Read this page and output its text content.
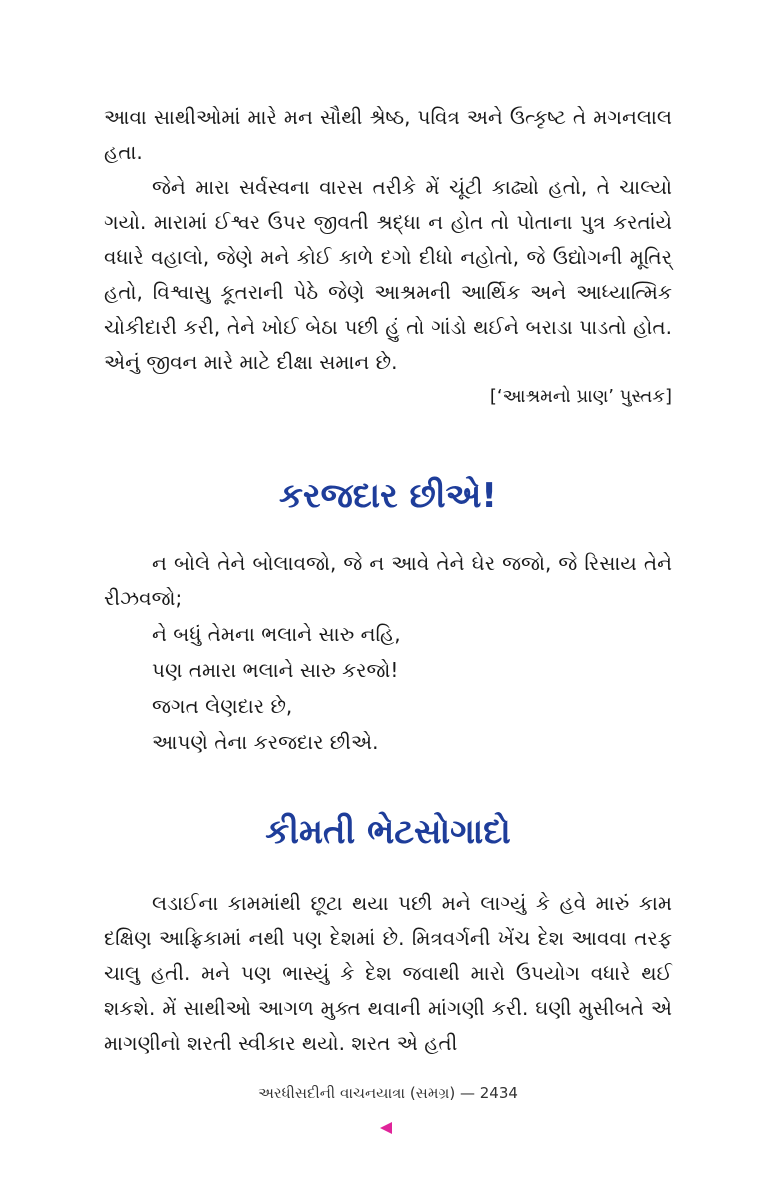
આવા સાથીઓમાં મારે મન સૌથી શ્રેષ્ઠ, પવિત્ર અને ઉત્કૃષ્ટ તે મગનલાલ હતા.

જેને મારા સર્વસ્વના વારસ તરીકે મેં ચૂંટી કાઢ્યો હતો, તે ચાલ્યો ગયો. મારામાં ઈશ્વર ઉપર જીવતી શ્રદ્ધા ન હોત તો પોતાના પુત્ર કરતાંયે વધારે વહાલો, જેણે મને કોઈ કાળે દગો દીધો નહોતો, જે ઉદ્યોગની મૂતિર્ હતો, વિશ્વાસુ કૂતરાની પેઠે જેણે આશ્રમની આર્થિક અને આધ્યાત્મિક ચોકીદારી કરી, તેને ખોઈ બેઠા પછી હું તો ગાંડો થઈને બરાડા પાડતો હોત. એનું જીવન મારે માટે દીક્ષા સમાન છે.

[‘આશ્રમનો પ્રાણ’ પુસ્તક]

કરજદાર છીએ!

ન બોલે તેને બોલાવજો, જે ન આવે તેને ઘેર જજો, જે રિસાય તેને રીઝવજો;

ને બધું તેમના ભલાને સારુ નહિ,
પણ તમારા ભલાને સારુ કરજો!
જગત લેણદાર છે,
આપણે તેના કરજદાર છીએ.
કીમતી ભેટસોગાદો

લડાઈના કામમાંથી છૂટા થયા પછી મને લાગ્યું કે હવે મારું કામ દક્ષિણ આફ્રિકામાં નથી પણ દેશમાં છે. મિત્રવર્ગની ખેંચ દેશ આવવા તરફ ચાલુ હતી. મને પણ ભાસ્યું કે દેશ જવાથી મારો ઉપયોગ વધારે થઈ શકશે. મેં સાથીઓ આગળ મુક્ત થવાની માંગણી કરી. ઘણી મુસીબતે એ માગણીનો શરતી સ્વીકાર થયો. શરત એ હતી

અરધીસદીની વાચનયાત્રા (સમગ્ર) — 2434
